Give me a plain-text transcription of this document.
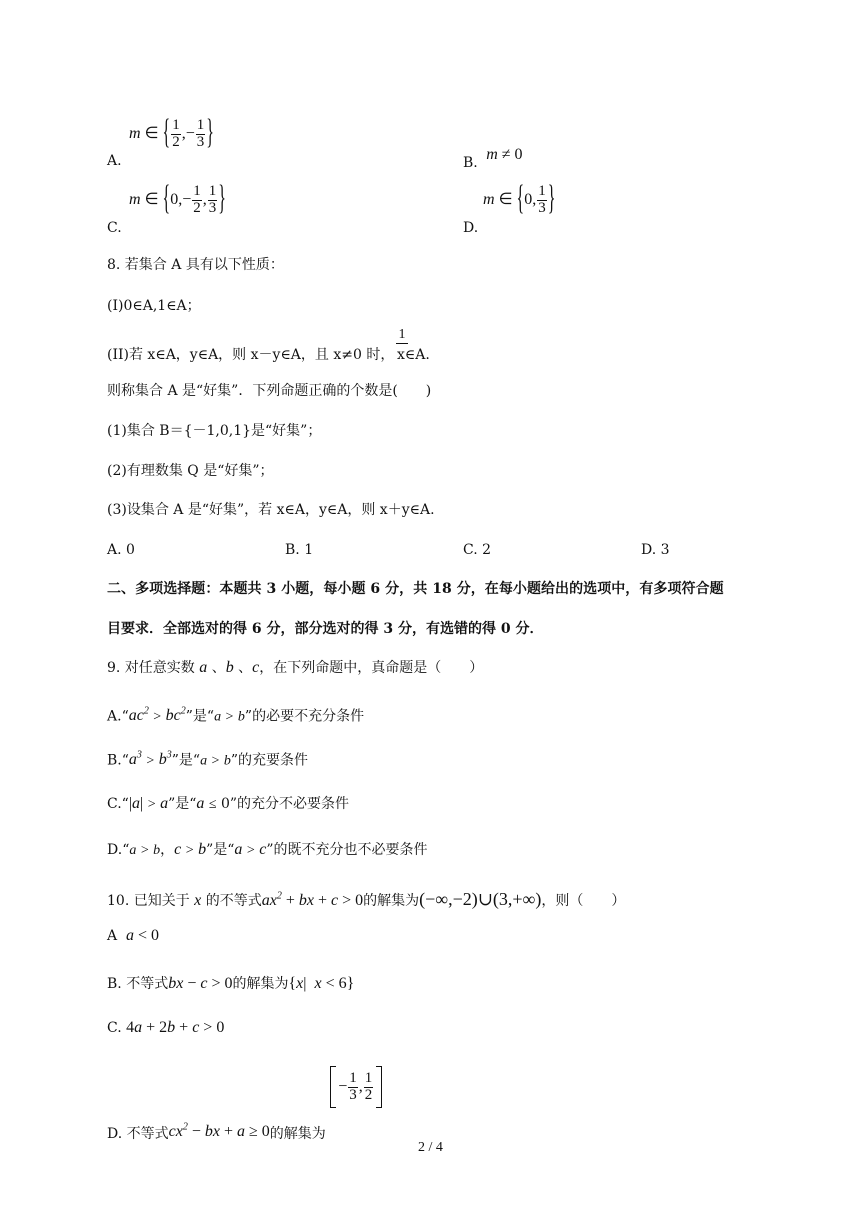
A.
m ∈ { $\frac{1}{2}$ ,− $\frac{1}{3}$ }
B. m ≠ 0
C.
m ∈ { $0,- \frac{1}{2}$ , $\frac{1}{3}$ }
D.
m ∈ { 0, $\frac{1}{3}$ }
8. 若集合 A 具有以下性质：
(I)0∈A,1∈A；
(II)若 x∈A，y∈A，则 x－y∈A，且 x≠0 时，
1
x∈A.
则称集合 A 是“好集”．下列命题正确的个数是(　　)
(1)集合 B＝{－1,0,1}是“好集”；
(2)有理数集 Q 是“好集”；
(3)设集合 A 是“好集”，若 x∈A，y∈A，则 x＋y∈A.
A. 0	B. 1	C. 2	D. 3
二、多项选择题：本题共 3 小题，每小题 6 分，共 18 分，在每小题给出的选项中，有多项符合题
目要求．全部选对的得 6 分，部分选对的得 3 分，有选错的得 0 分．
9. 对任意实数 a 、b 、c，在下列命题中，真命题是（　　）
$A.“ac^2 > bc^2$”是“a > b”的必要不充分条件
$B.“a^3 > b^3$”是“a > b”的充要条件
C.“|a| > a”是“a ≤ 0”的充分不必要条件
D.“a > b，c > b”是“a > c”的既不充分也不必要条件
10. 已知关于 x 的不等式$ax^2$ + bx + c > 0的解集为(−∞,−2)∪(3,+∞)，则（　　）
A a < 0
B. 不等式bx − c > 0的解集为{x|  x < 6}
C. 4a + 2b + c > 0
D. 不等式$cx^2$ − bx + a ≥ 0的解集为
− $\frac{1}{3}$ , $\frac{1}{2}$
2 / 4
